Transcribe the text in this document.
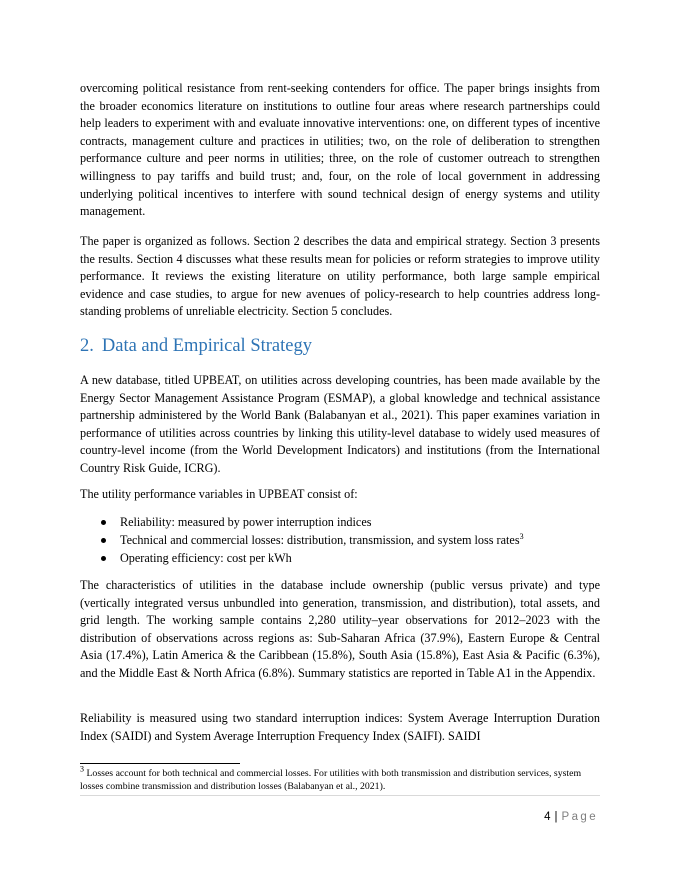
overcoming political resistance from rent-seeking contenders for office. The paper brings insights from the broader economics literature on institutions to outline four areas where research partnerships could help leaders to experiment with and evaluate innovative interventions: one, on different types of incentive contracts, management culture and practices in utilities; two, on the role of deliberation to strengthen performance culture and peer norms in utilities; three, on the role of customer outreach to strengthen willingness to pay tariffs and build trust; and, four, on the role of local government in addressing underlying political incentives to interfere with sound technical design of energy systems and utility management.

The paper is organized as follows. Section 2 describes the data and empirical strategy. Section 3 presents the results. Section 4 discusses what these results mean for policies or reform strategies to improve utility performance. It reviews the existing literature on utility performance, both large sample empirical evidence and case studies, to argue for new avenues of policy-research to help countries address long-standing problems of unreliable electricity. Section 5 concludes.

2. Data and Empirical Strategy

A new database, titled UPBEAT, on utilities across developing countries, has been made available by the Energy Sector Management Assistance Program (ESMAP), a global knowledge and technical assistance partnership administered by the World Bank (Balabanyan et al., 2021). This paper examines variation in performance of utilities across countries by linking this utility-level database to widely used measures of country-level income (from the World Development Indicators) and institutions (from the International Country Risk Guide, ICRG).

The utility performance variables in UPBEAT consist of:

Reliability: measured by power interruption indices
Technical and commercial losses: distribution, transmission, and system loss rates$^3$
Operating efficiency: cost per kWh

The characteristics of utilities in the database include ownership (public versus private) and type (vertically integrated versus unbundled into generation, transmission, and distribution), total assets, and grid length. The working sample contains 2,280 utility–year observations for 2012–2023 with the distribution of observations across regions as: Sub-Saharan Africa (37.9%), Eastern Europe & Central Asia (17.4%), Latin America & the Caribbean (15.8%), South Asia (15.8%), East Asia & Pacific (6.3%), and the Middle East & North Africa (6.8%). Summary statistics are reported in Table A1 in the Appendix.

Reliability is measured using two standard interruption indices: System Average Interruption Duration Index (SAIDI) and System Average Interruption Frequency Index (SAIFI). SAIDI

$^3$ Losses account for both technical and commercial losses. For utilities with both transmission and distribution services, system losses combine transmission and distribution losses (Balabanyan et al., 2021).

4 | Page
